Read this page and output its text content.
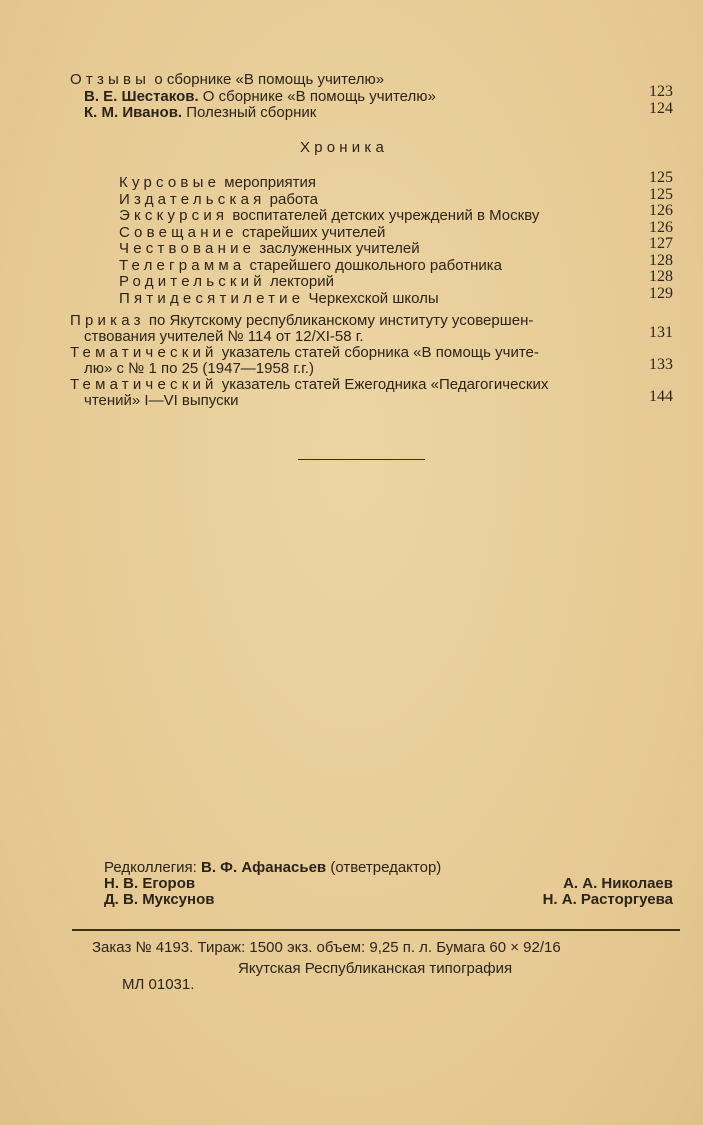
Отзывы о сборнике «В помощь учителю»
В. Е. Шестаков. О сборнике «В помощь учителю»	123
К. М. Иванов. Полезный сборник	124
Хроника
Курсовые мероприятия	125
Издательская работа	125
Экскурсия воспитателей детских учреждений в Москву	126
Совещание старейших учителей	126
Чествование заслуженных учителей	127
Телеграмма старейшего дошкольного работника	128
Родительский лекторий	128
Пятидесятилетие Черкехской школы	129
Приказ по Якутскому республиканскому институту усовершен-
ствования учителей № 114 от 12/XI-58 г.	131
Тематический указатель статей сборника «В помощь учите-
лю» с № 1 по 25 (1947—1958 г.г.)	133
Тематический указатель статей Ежегодника «Педагогических
чтений» I—VI выпуски	144
Редколлегия: В. Ф. Афанасьев (ответредактор)
Н. В. Егоров
Д. В. Муксунов
А. А. Николаев
Н. А. Расторгуева
Заказ № 4193. Тираж: 1500 экз. объем: 9,25 п. л. Бумага 60 × 92/16
Якутская Республиканская типография
МЛ 01031.
